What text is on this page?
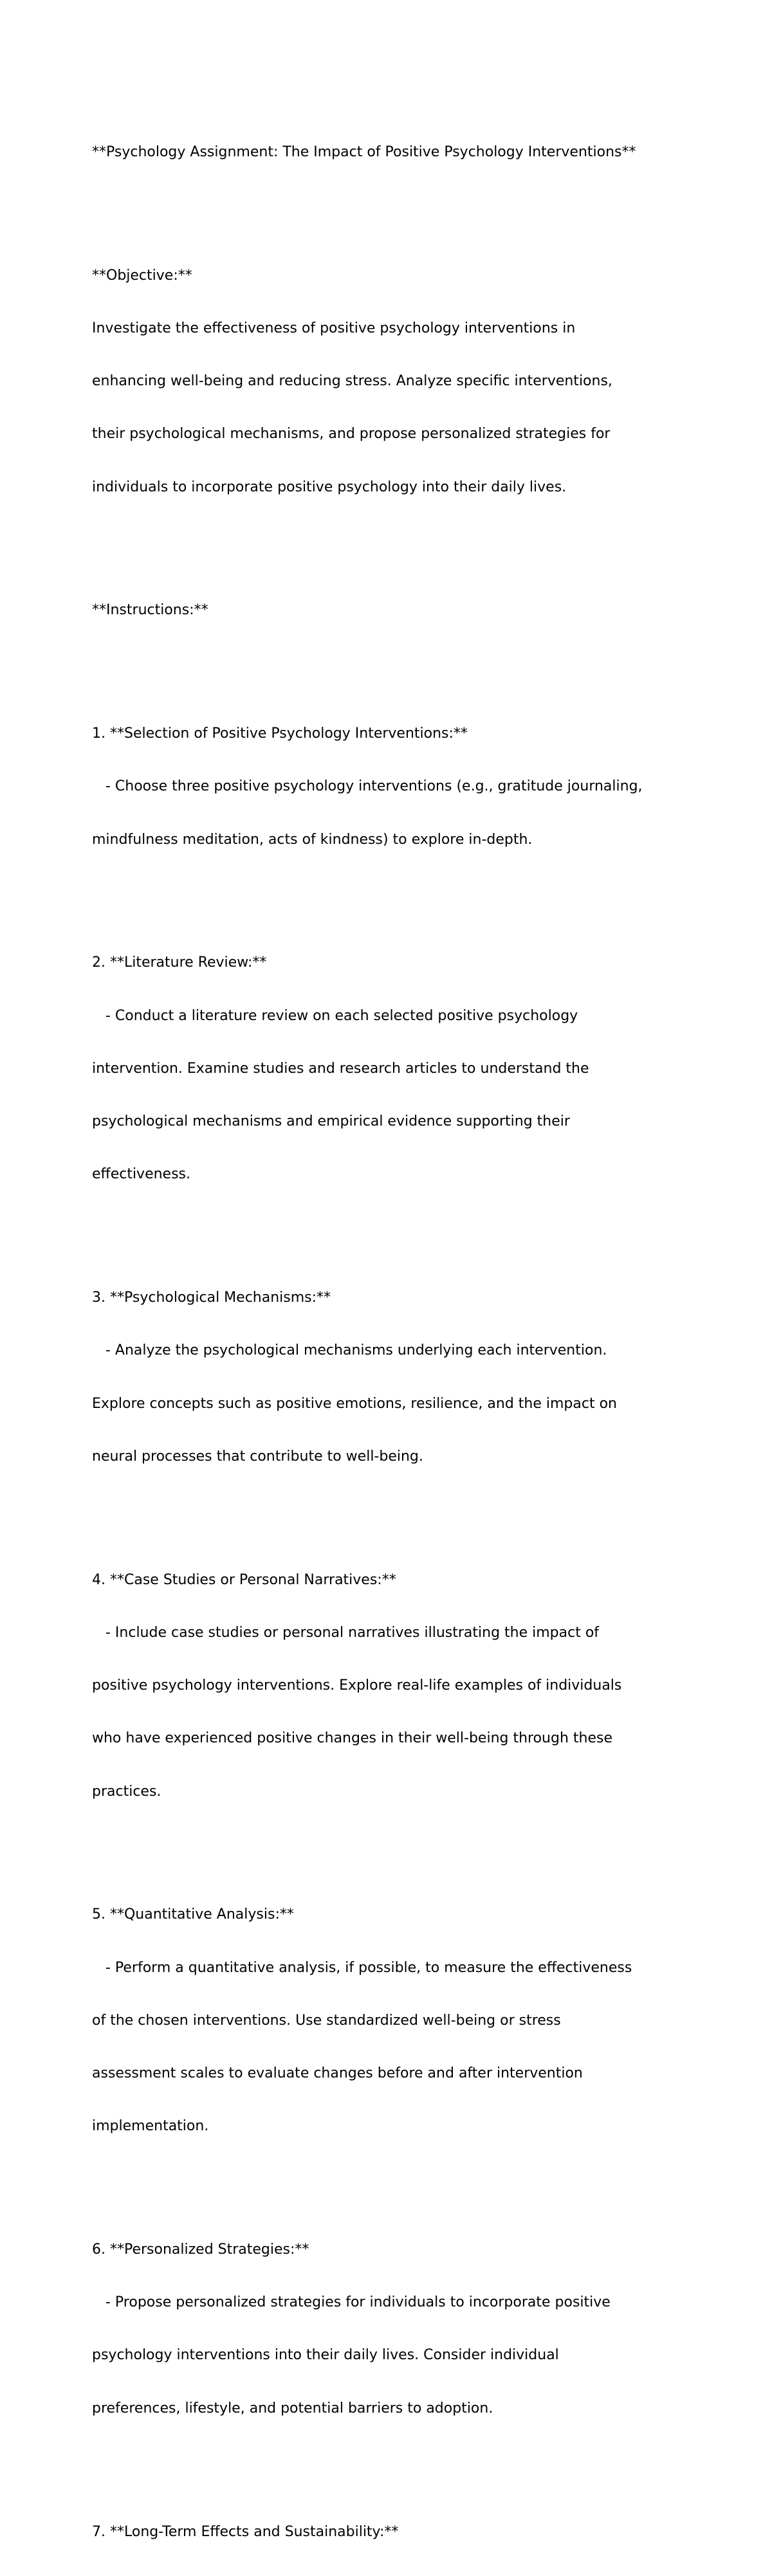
**Psychology Assignment: The Impact of Positive Psychology Interventions**

**Objective:**

Investigate the effectiveness of positive psychology interventions in

enhancing well-being and reducing stress. Analyze specific interventions,

their psychological mechanisms, and propose personalized strategies for

individuals to incorporate positive psychology into their daily lives.

**Instructions:**

1. **Selection of Positive Psychology Interventions:**

- Choose three positive psychology interventions (e.g., gratitude journaling,

mindfulness meditation, acts of kindness) to explore in-depth.

2. **Literature Review:**

- Conduct a literature review on each selected positive psychology

intervention. Examine studies and research articles to understand the

psychological mechanisms and empirical evidence supporting their

effectiveness.

3. **Psychological Mechanisms:**

- Analyze the psychological mechanisms underlying each intervention.

Explore concepts such as positive emotions, resilience, and the impact on

neural processes that contribute to well-being.

4. **Case Studies or Personal Narratives:**

- Include case studies or personal narratives illustrating the impact of

positive psychology interventions. Explore real-life examples of individuals

who have experienced positive changes in their well-being through these

practices.

5. **Quantitative Analysis:**

- Perform a quantitative analysis, if possible, to measure the effectiveness

of the chosen interventions. Use standardized well-being or stress

assessment scales to evaluate changes before and after intervention

implementation.

6. **Personalized Strategies:**

- Propose personalized strategies for individuals to incorporate positive

psychology interventions into their daily lives. Consider individual

preferences, lifestyle, and potential barriers to adoption.

7. **Long-Term Effects and Sustainability:**
